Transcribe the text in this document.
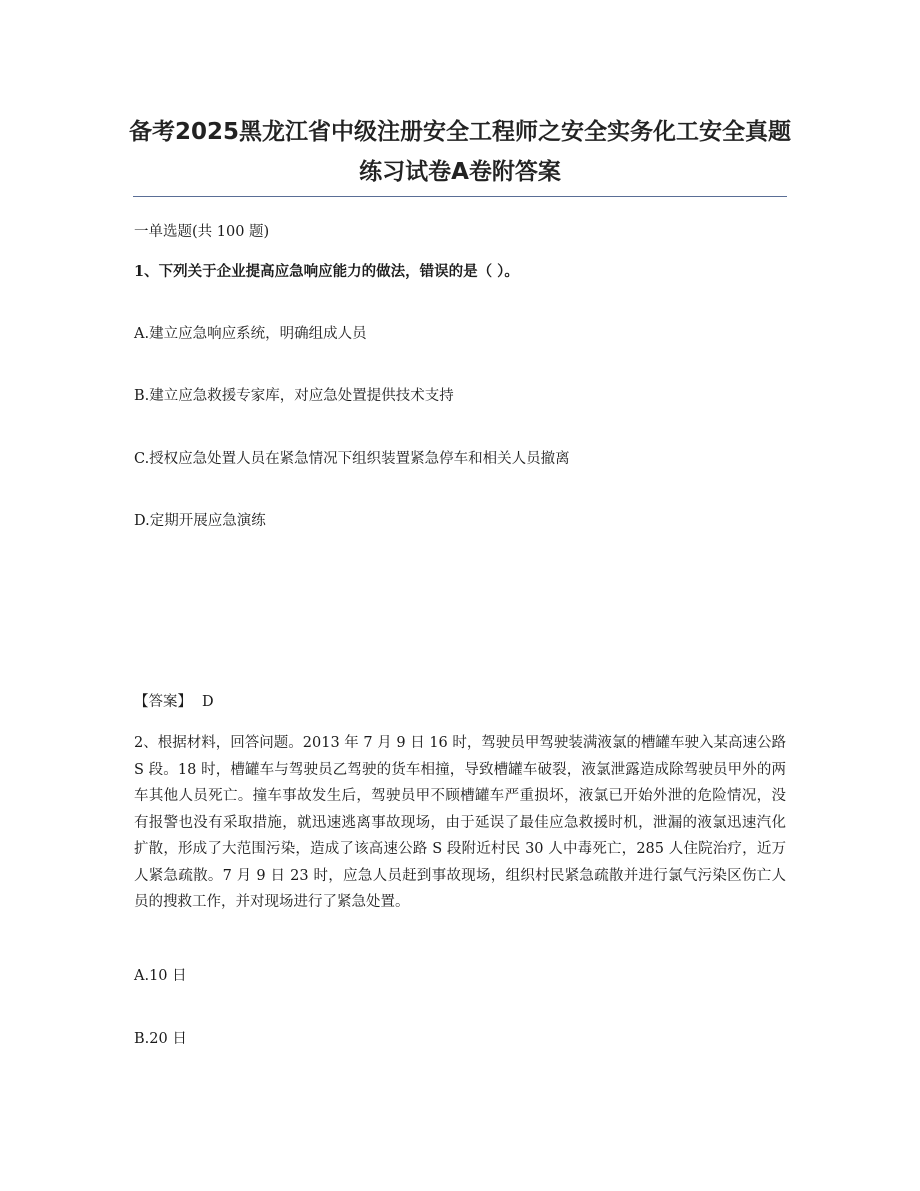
备考2025黑龙江省中级注册安全工程师之安全实务化工安全真题练习试卷A卷附答案
一单选题(共 100 题)
1、下列关于企业提高应急响应能力的做法，错误的是（ ）。
A.建立应急响应系统，明确组成人员
B.建立应急救援专家库，对应急处置提供技术支持
C.授权应急处置人员在紧急情况下组织装置紧急停车和相关人员撤离
D.定期开展应急演练
【答案】 D
2、根据材料，回答问题。2013 年 7 月 9 日 16 时，驾驶员甲驾驶装满液氯的槽罐车驶入某高速公路 S 段。18 时，槽罐车与驾驶员乙驾驶的货车相撞，导致槽罐车破裂，液氯泄露造成除驾驶员甲外的两车其他人员死亡。撞车事故发生后，驾驶员甲不顾槽罐车严重损坏，液氯已开始外泄的危险情况，没有报警也没有采取措施，就迅速逃离事故现场，由于延误了最佳应急救援时机，泄漏的液氯迅速汽化扩散，形成了大范围污染，造成了该高速公路 S 段附近村民 30 人中毒死亡，285 人住院治疗，近万人紧急疏散。7 月 9 日 23 时，应急人员赶到事故现场，组织村民紧急疏散并进行氯气污染区伤亡人员的搜救工作，并对现场进行了紧急处置。
A.10 日
B.20 日
